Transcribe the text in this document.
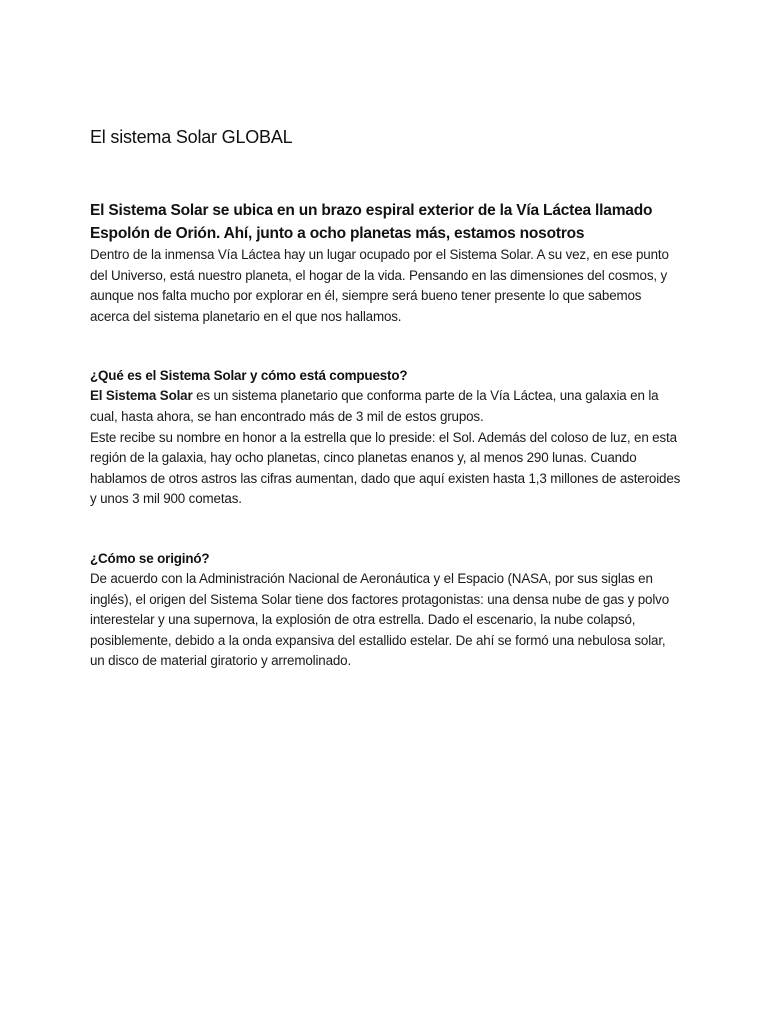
El sistema Solar GLOBAL
El Sistema Solar se ubica en un brazo espiral exterior de la Vía Láctea llamado Espolón de Orión. Ahí, junto a ocho planetas más, estamos nosotros

Dentro de la inmensa Vía Láctea hay un lugar ocupado por el Sistema Solar. A su vez, en ese punto del Universo, está nuestro planeta, el hogar de la vida. Pensando en las dimensiones del cosmos, y aunque nos falta mucho por explorar en él, siempre será bueno tener presente lo que sabemos acerca del sistema planetario en el que nos hallamos.

¿Qué es el Sistema Solar y cómo está compuesto?

El Sistema Solar es un sistema planetario que conforma parte de la Vía Láctea, una galaxia en la cual, hasta ahora, se han encontrado más de 3 mil de estos grupos.

Este recibe su nombre en honor a la estrella que lo preside: el Sol. Además del coloso de luz, en esta región de la galaxia, hay ocho planetas, cinco planetas enanos y, al menos 290 lunas. Cuando hablamos de otros astros las cifras aumentan, dado que aquí existen hasta 1,3 millones de asteroides y unos 3 mil 900 cometas.

¿Cómo se originó?

De acuerdo con la Administración Nacional de Aeronáutica y el Espacio (NASA, por sus siglas en inglés), el origen del Sistema Solar tiene dos factores protagonistas: una densa nube de gas y polvo interestelar y una supernova, la explosión de otra estrella. Dado el escenario, la nube colapsó, posiblemente, debido a la onda expansiva del estallido estelar. De ahí se formó una nebulosa solar, un disco de material giratorio y arremolinado.
